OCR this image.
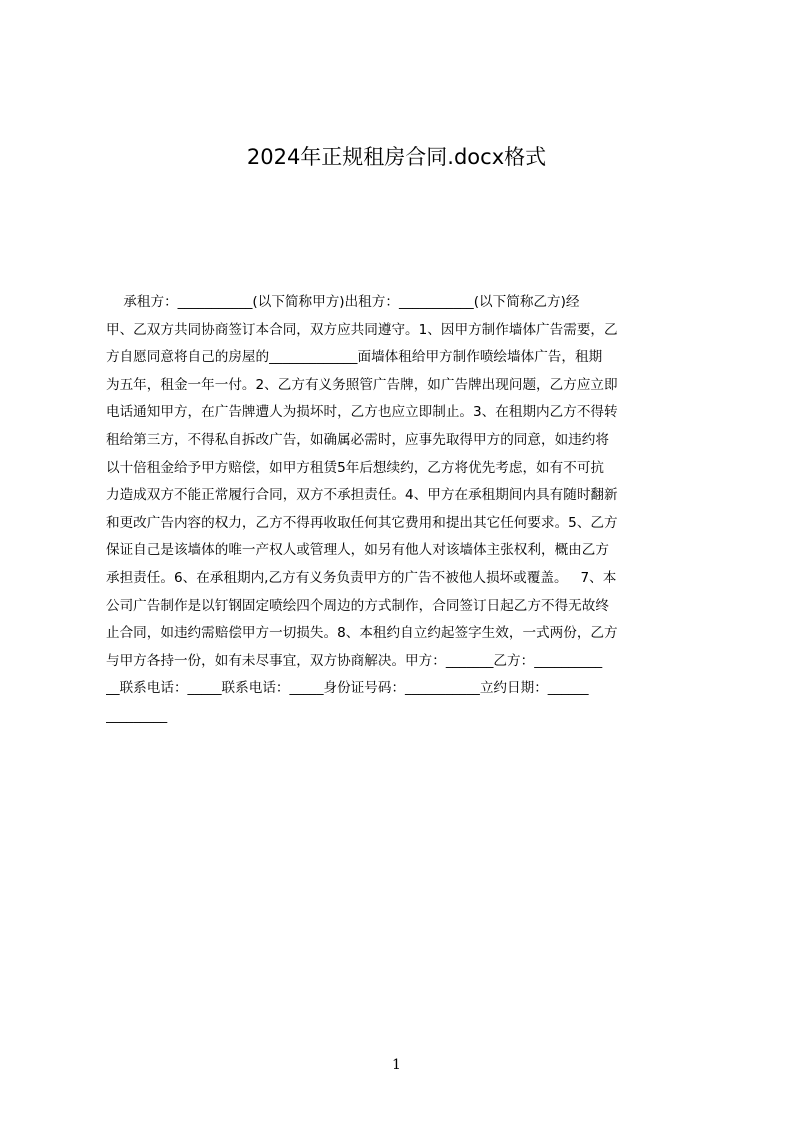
2024年正规租房合同.docx格式
承租方：___________(以下简称甲方)出租方：___________(以下简称乙方)经
甲、乙双方共同协商签订本合同，双方应共同遵守。1、因甲方制作墙体广告需要，乙
方自愿同意将自己的房屋的_____________面墙体租给甲方制作喷绘墙体广告，租期
为五年，租金一年一付。2、乙方有义务照管广告牌，如广告牌出现问题，乙方应立即
电话通知甲方，在广告牌遭人为损坏时，乙方也应立即制止。3、在租期内乙方不得转
租给第三方，不得私自拆改广告，如确属必需时，应事先取得甲方的同意，如违约将
以十倍租金给予甲方赔偿，如甲方租赁5年后想续约，乙方将优先考虑，如有不可抗
力造成双方不能正常履行合同，双方不承担责任。4、甲方在承租期间内具有随时翻新
和更改广告内容的权力，乙方不得再收取任何其它费用和提出其它任何要求。5、乙方
保证自己是该墙体的唯一产权人或管理人，如另有他人对该墙体主张权利，概由乙方
承担责任。6、在承租期内,乙方有义务负责甲方的广告不被他人损坏或覆盖。   7、本
公司广告制作是以钉钢固定喷绘四个周边的方式制作，合同签订日起乙方不得无故终
止合同，如违约需赔偿甲方一切损失。8、本租约自立约起签字生效，一式两份，乙方
与甲方各持一份，如有未尽事宜，双方协商解决。甲方：_______乙方：__________
__联系电话：_____联系电话：_____身份证号码：___________立约日期：______
_________
1
